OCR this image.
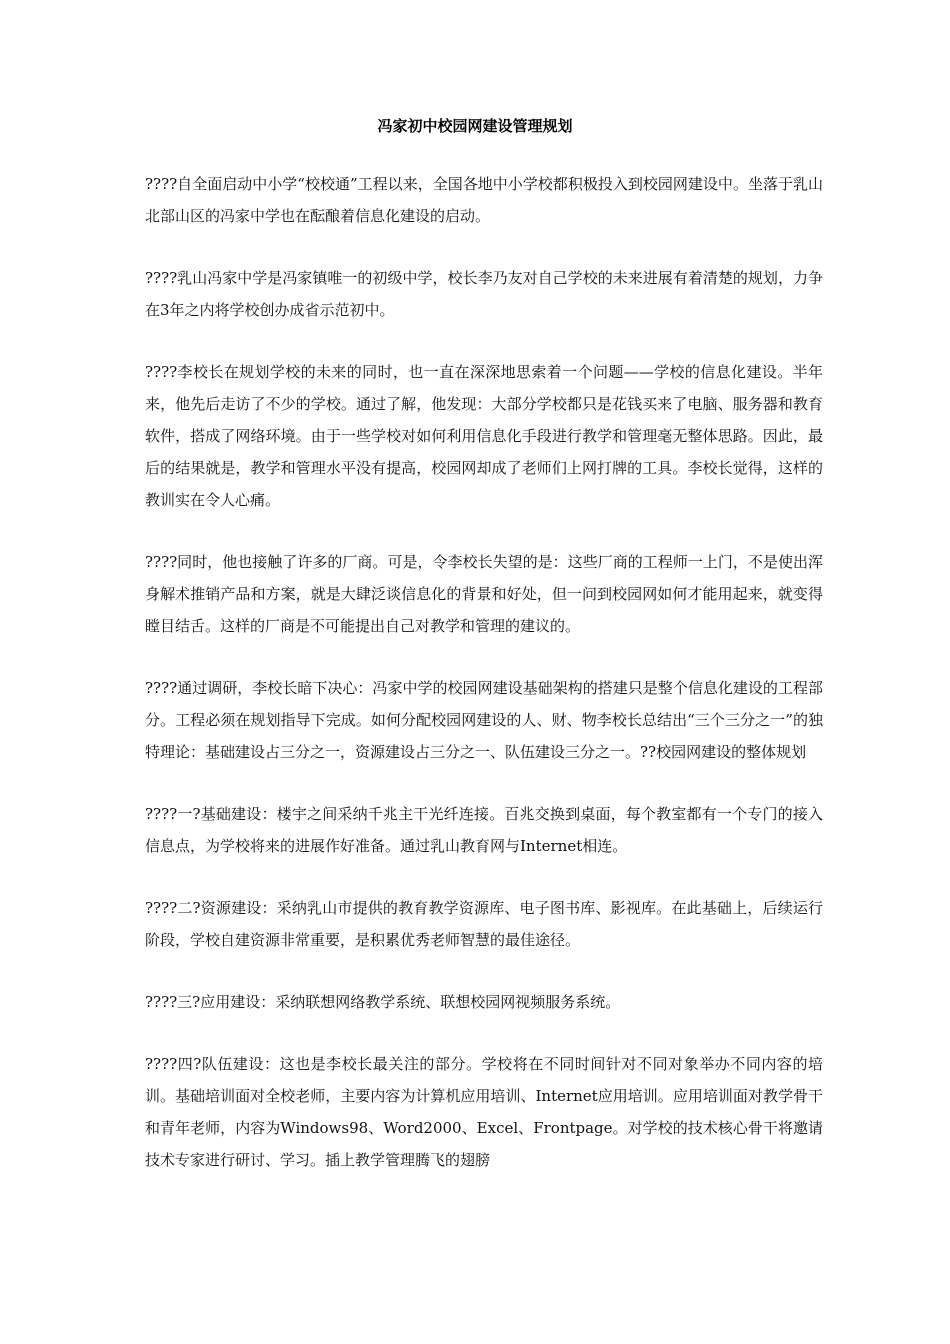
冯家初中校园网建设管理规划

????自全面启动中小学“校校通”工程以来，全国各地中小学校都积极投入到校园网建设中。坐落于乳山北部山区的冯家中学也在酝酿着信息化建设的启动。

????乳山冯家中学是冯家镇唯一的初级中学，校长李乃友对自己学校的未来进展有着清楚的规划，力争在3年之内将学校创办成省示范初中。

????李校长在规划学校的未来的同时，也一直在深深地思索着一个问题——学校的信息化建设。半年来，他先后走访了不少的学校。通过了解，他发现：大部分学校都只是花钱买来了电脑、服务器和教育软件，搭成了网络环境。由于一些学校对如何利用信息化手段进行教学和管理毫无整体思路。因此，最后的结果就是，教学和管理水平没有提高，校园网却成了老师们上网打牌的工具。李校长觉得，这样的教训实在令人心痛。

????同时，他也接触了许多的厂商。可是，令李校长失望的是：这些厂商的工程师一上门，不是使出浑身解术推销产品和方案，就是大肆泛谈信息化的背景和好处，但一问到校园网如何才能用起来，就变得瞠目结舌。这样的厂商是不可能提出自己对教学和管理的建议的。

????通过调研，李校长暗下决心：冯家中学的校园网建设基础架构的搭建只是整个信息化建设的工程部分。工程必须在规划指导下完成。如何分配校园网建设的人、财、物李校长总结出“三个三分之一”的独特理论：基础建设占三分之一，资源建设占三分之一、队伍建设三分之一。??校园网建设的整体规划

????一?基础建设：楼宇之间采纳千兆主干光纤连接。百兆交换到桌面，每个教室都有一个专门的接入信息点，为学校将来的进展作好准备。通过乳山教育网与Internet相连。

????二?资源建设：采纳乳山市提供的教育教学资源库、电子图书库、影视库。在此基础上，后续运行阶段，学校自建资源非常重要，是积累优秀老师智慧的最佳途径。

????三?应用建设：采纳联想网络教学系统、联想校园网视频服务系统。

????四?队伍建设：这也是李校长最关注的部分。学校将在不同时间针对不同对象举办不同内容的培训。基础培训面对全校老师，主要内容为计算机应用培训、Internet应用培训。应用培训面对教学骨干和青年老师，内容为Windows98、Word2000、Excel、Frontpage。对学校的技术核心骨干将邀请技术专家进行研讨、学习。插上教学管理腾飞的翅膀
